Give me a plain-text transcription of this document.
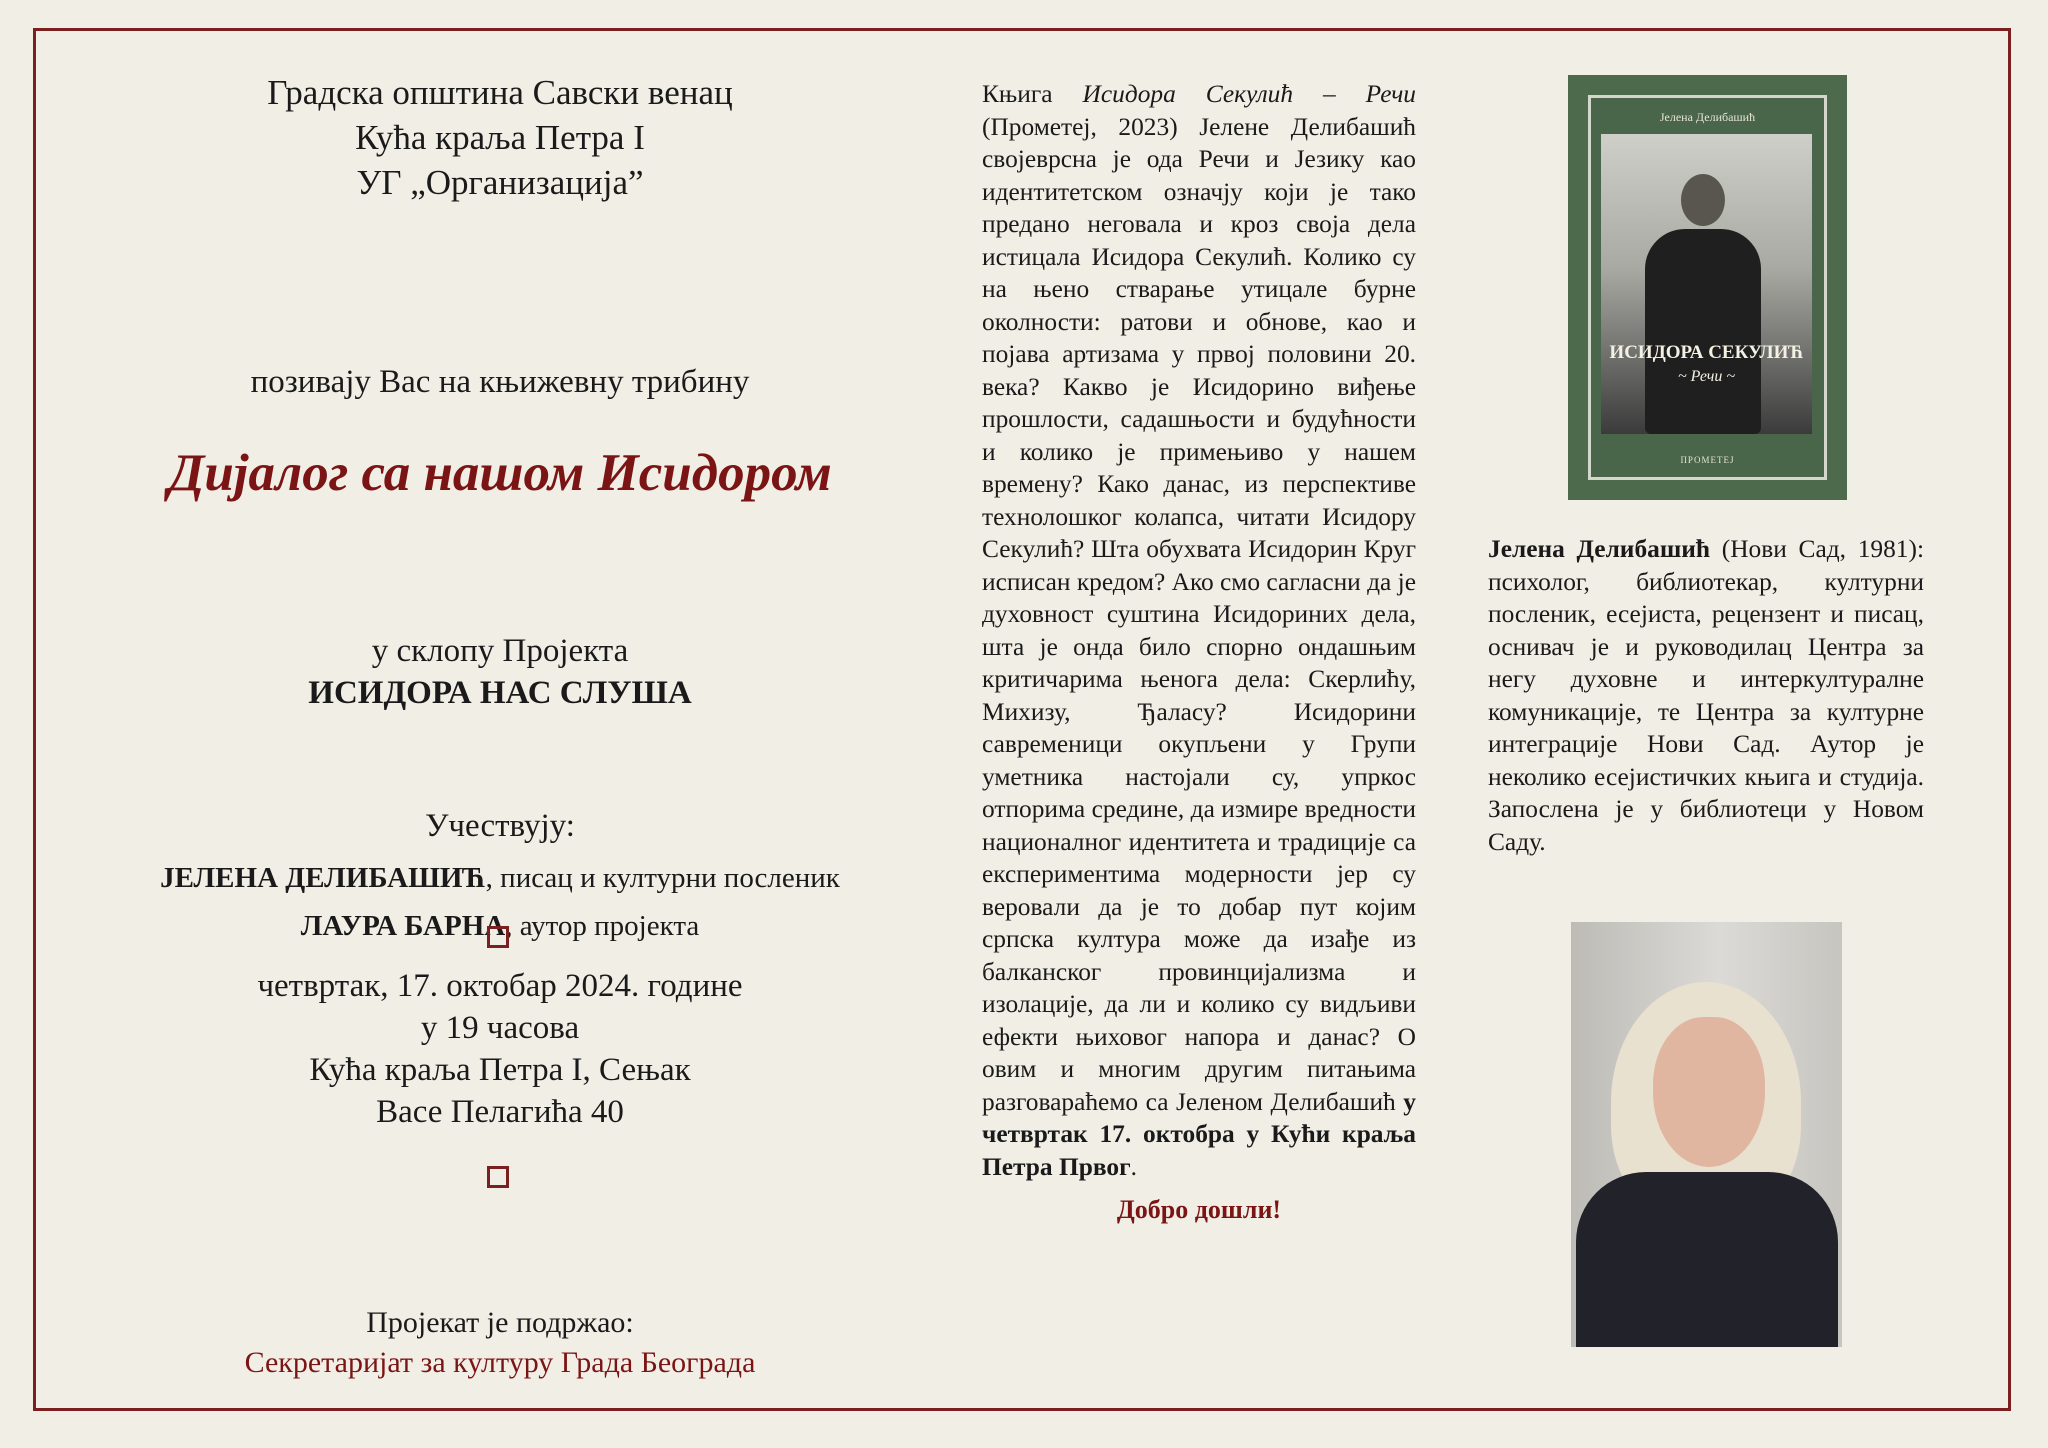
Градска општина Савски венац

Кућа краља Петра I

УГ „Организација”

позивају Вас на књижевну трибину

Дијалог са нашом Исидором

у склопу Пројекта

ИСИДОРА НАС СЛУША

Учествују:

ЈЕЛЕНА ДЕЛИБАШИЋ, писац и културни посленик

ЛАУРА БАРНА, аутор пројекта

четвртак, 17. октобар 2024. године

у 19 часова

Кућа краља Петра I, Сењак

Васе Пелагића 40

Пројекат је подржао:

Секретаријат за културу Града Београда

Књига Исидора Секулић – Речи (Прометеј, 2023) Јелене Делибашић својеврсна је ода Речи и Језику као идентитетском означју који је тако предано неговала и кроз своја дела истицала Исидора Секулић. Колико су на њено стварање утицале бурне околности: ратови и обнове, као и појава артизама у првој половини 20. века? Какво је Исидорино виђење прошлости, садашњости и будућности и колико је примењиво у нашем времену? Како данас, из перспективе технолошког колапса, читати Исидору Секулић? Шта обухвата Исидорин Круг исписан кредом? Ако смо сагласни да је духовност суштина Исидориних дела, шта је онда било спорно ондашњим критичарима њеногa дела: Скерлићу, Михизу, Ђаласу? Исидорини савременици окупљени у Групи уметника настојали су, упркос отпорима средине, да измире вредности националног идентитета и традиције са експериментима модерности јер су веровали да је то добар пут којим српска култура може да изађе из балканског провинцијализма и изолације, да ли и колико су видљиви ефекти њиховог напора и данас? О овим и многим другим питањима разговараћемо са Јеленом Делибашић у четвртак 17. октобра у Кући краља Петра Првог.

Добро дошли!

Јелена Делибашић

ИСИДОРА СЕКУЛИЋ

~ Речи ~

ПРОМЕТЕЈ

Јелена Делибашић (Нови Сад, 1981): психолог, библиотекар, културни посленик, есејиста, рецензент и писац, оснивач је и руководилац Центра за негу духовне и интеркултуралне комуникације, те Центра за културне интеграције Нови Сад. Аутор је неколико есејистичких књига и студија. Запослена је у библиотеци у Новом Саду.
